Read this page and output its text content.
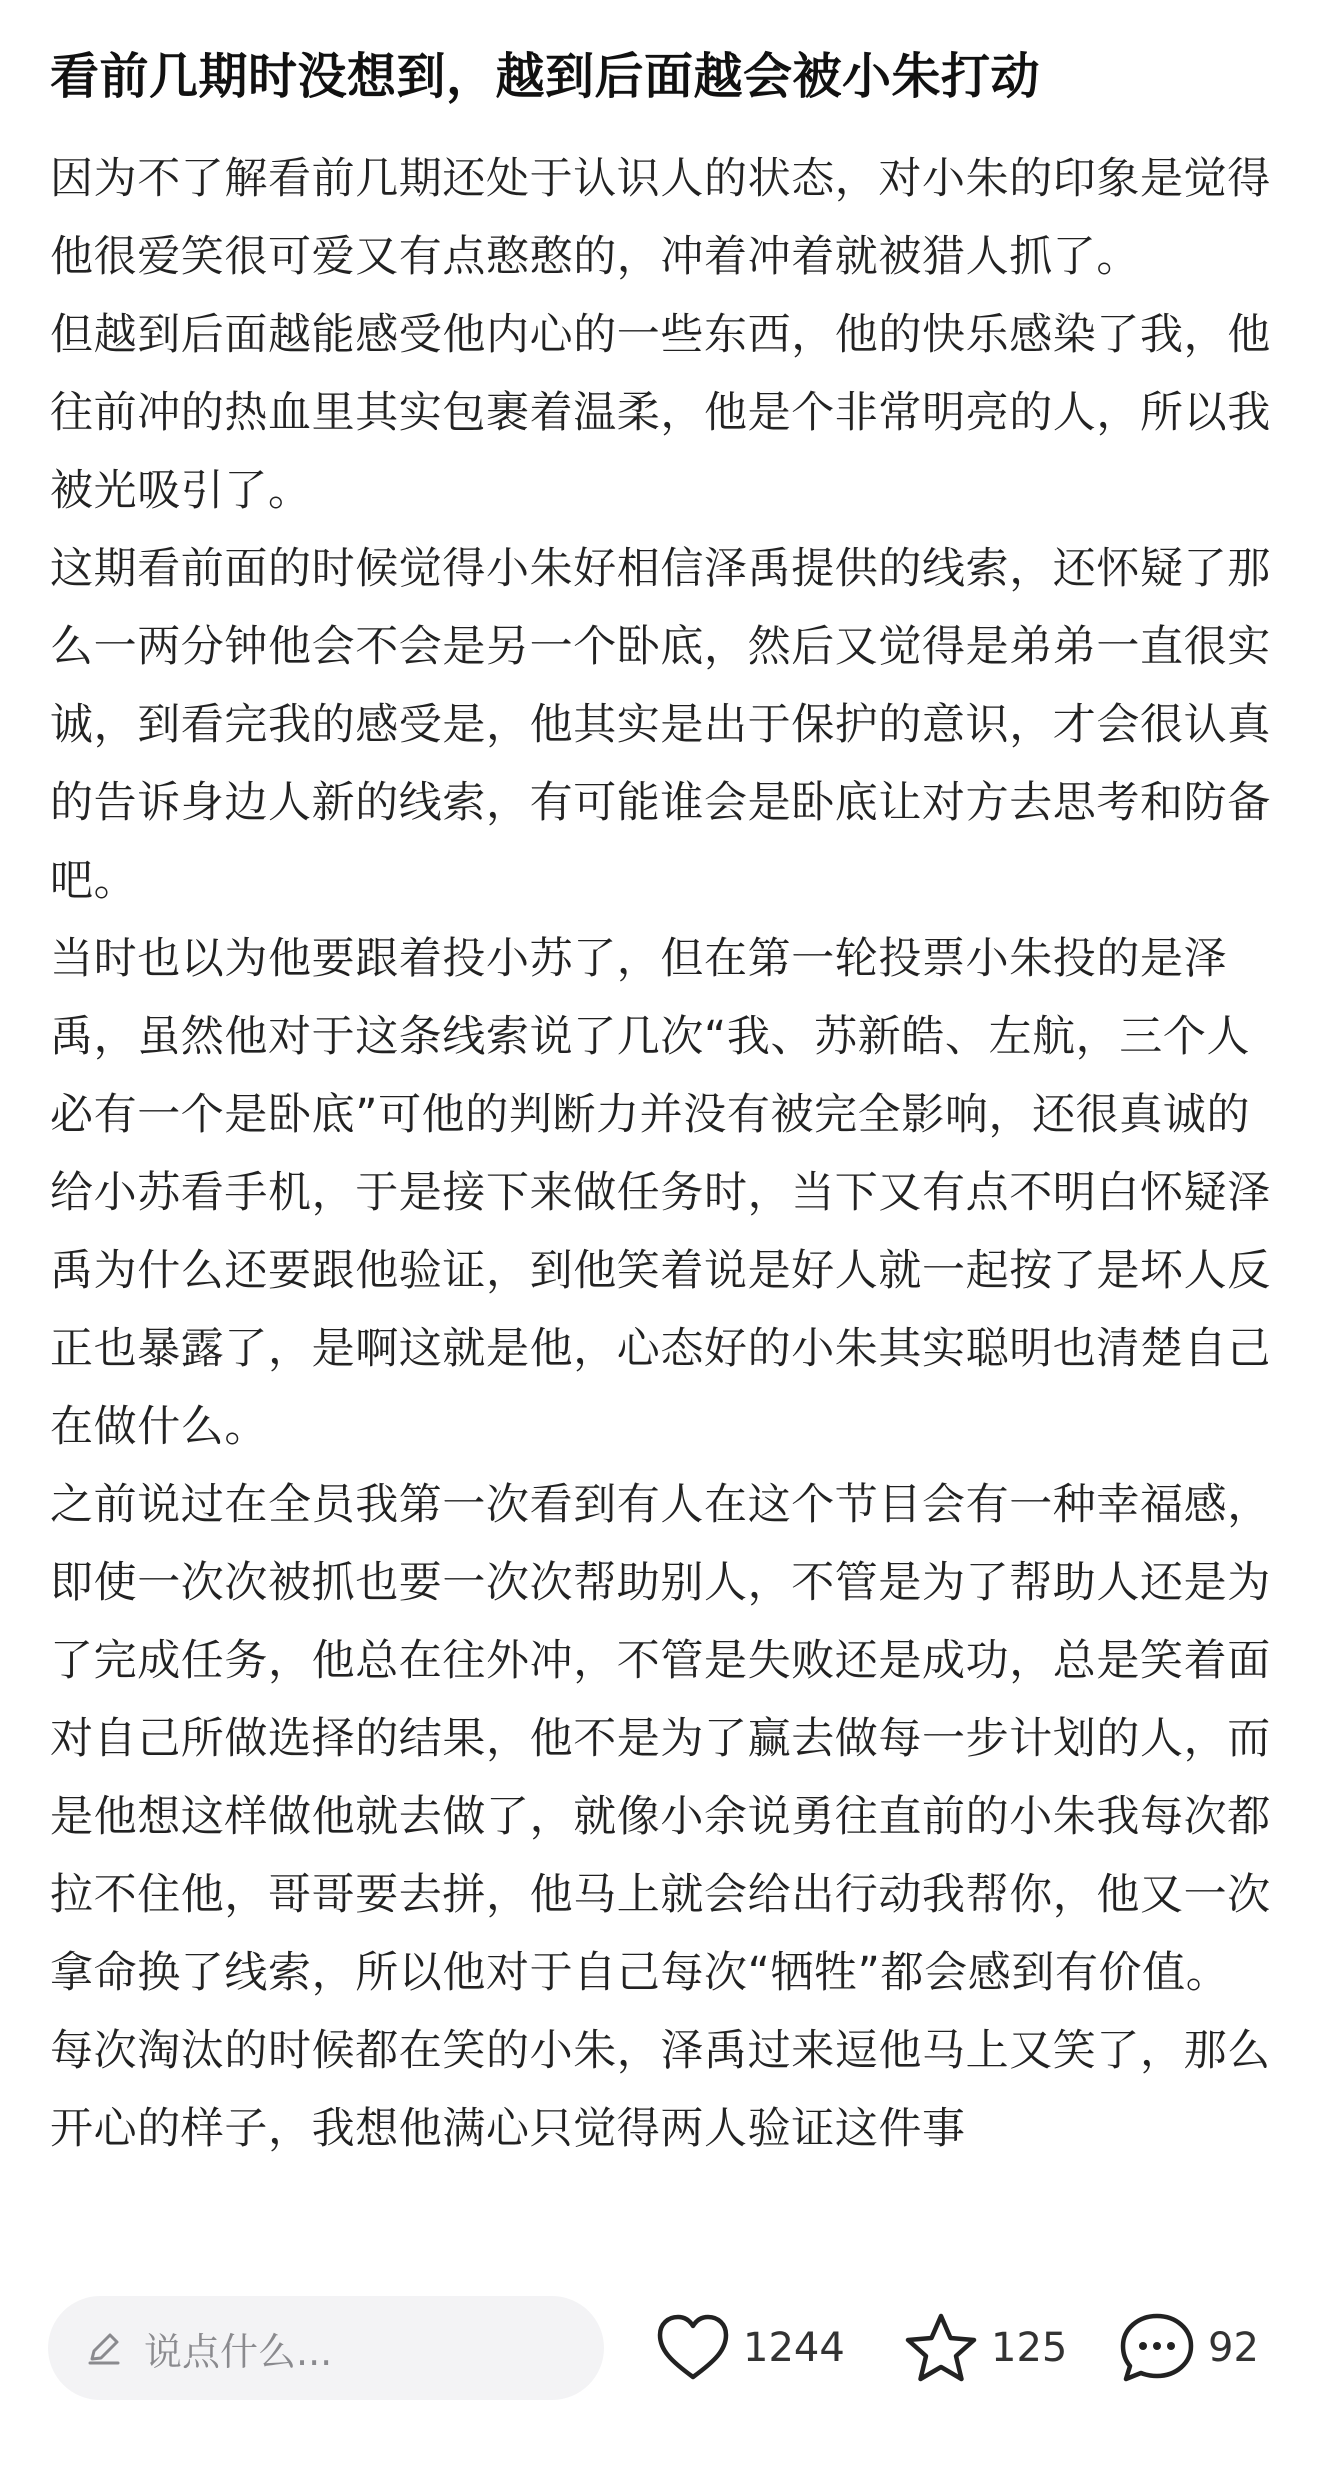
看前几期时没想到，越到后面越会被小朱打动

因为不了解看前几期还处于认识人的状态，对小朱的印象是觉得他很爱笑很可爱又有点憨憨的，冲着冲着就被猎人抓了。

但越到后面越能感受他内心的一些东西，他的快乐感染了我，他往前冲的热血里其实包裹着温柔，他是个非常明亮的人，所以我被光吸引了。

这期看前面的时候觉得小朱好相信泽禹提供的线索，还怀疑了那么一两分钟他会不会是另一个卧底，然后又觉得是弟弟一直很实诚，到看完我的感受是，他其实是出于保护的意识，才会很认真的告诉身边人新的线索，有可能谁会是卧底让对方去思考和防备吧。

当时也以为他要跟着投小苏了，但在第一轮投票小朱投的是泽禹，虽然他对于这条线索说了几次“我、苏新皓、左航，三个人必有一个是卧底”可他的判断力并没有被完全影响，还很真诚的给小苏看手机，于是接下来做任务时，当下又有点不明白怀疑泽禹为什么还要跟他验证，到他笑着说是好人就一起按了是坏人反正也暴露了，是啊这就是他，心态好的小朱其实聪明也清楚自己在做什么。

之前说过在全员我第一次看到有人在这个节目会有一种幸福感，即使一次次被抓也要一次次帮助别人，不管是为了帮助人还是为了完成任务，他总在往外冲，不管是失败还是成功，总是笑着面对自己所做选择的结果，他不是为了赢去做每一步计划的人，而是他想这样做他就去做了，就像小余说勇往直前的小朱我每次都拉不住他，哥哥要去拼，他马上就会给出行动我帮你，他又一次拿命换了线索，所以他对于自己每次“牺牲”都会感到有价值。

每次淘汰的时候都在笑的小朱，泽禹过来逗他马上又笑了，那么开心的样子，我想他满心只觉得两人验证这件事

说点什么...	1244	125	92
